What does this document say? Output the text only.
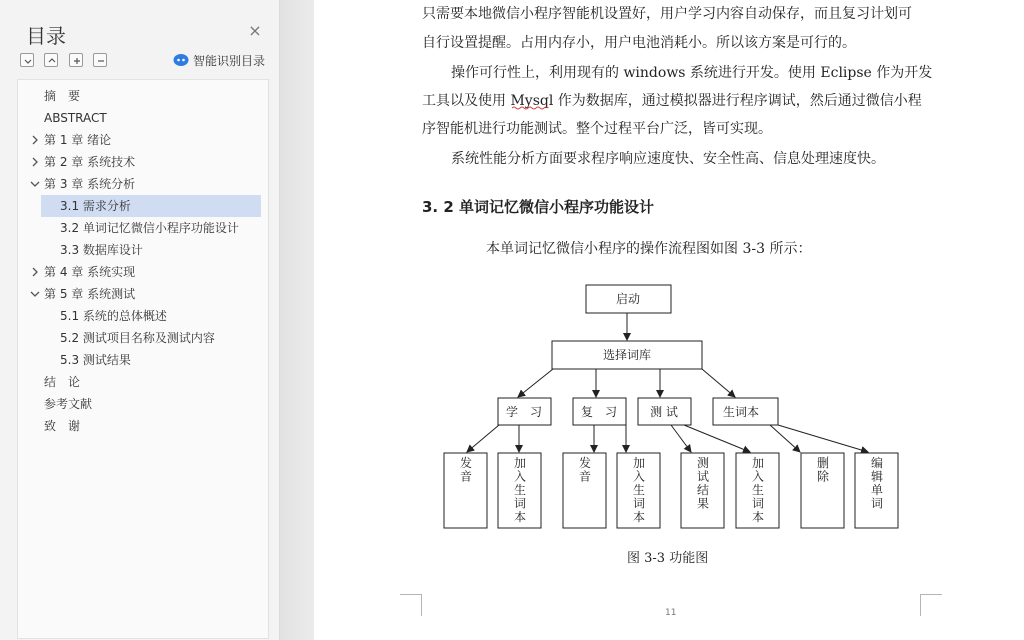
目录	×
智能识别目录
摘　要
ABSTRACT
第 1 章 绪论
第 2 章 系统技术
第 3 章 系统分析
3.1 需求分析
3.2 单词记忆微信小程序功能设计
3.3 数据库设计
第 4 章 系统实现
第 5 章 系统测试
5.1 系统的总体概述
5.2 测试项目名称及测试内容
5.3 测试结果
结　论
参考文献
致　谢
只需要本地微信小程序智能机设置好，用户学习内容自动保存，而且复习计划可
自行设置提醒。占用内存小，用户电池消耗小。所以该方案是可行的。
操作可行性上，利用现有的 windows 系统进行开发。使用 Eclipse 作为开发
工具以及使用 Mysql 作为数据库，通过模拟器进行程序调试，然后通过微信小程
序智能机进行功能测试。整个过程平台广泛，皆可实现。
系统性能分析方面要求程序响应速度快、安全性高、信息处理速度快。
3. 2 单词记忆微信小程序功能设计
本单词记忆微信小程序的操作流程图如图 3-3 所示：
启动
选择词库
学　习	复　习	测 试	生词本
发音
加入生词本
发音
加入生词本
测试结果
加入生词本
删除
编辑单词
图 3-3 功能图
11
